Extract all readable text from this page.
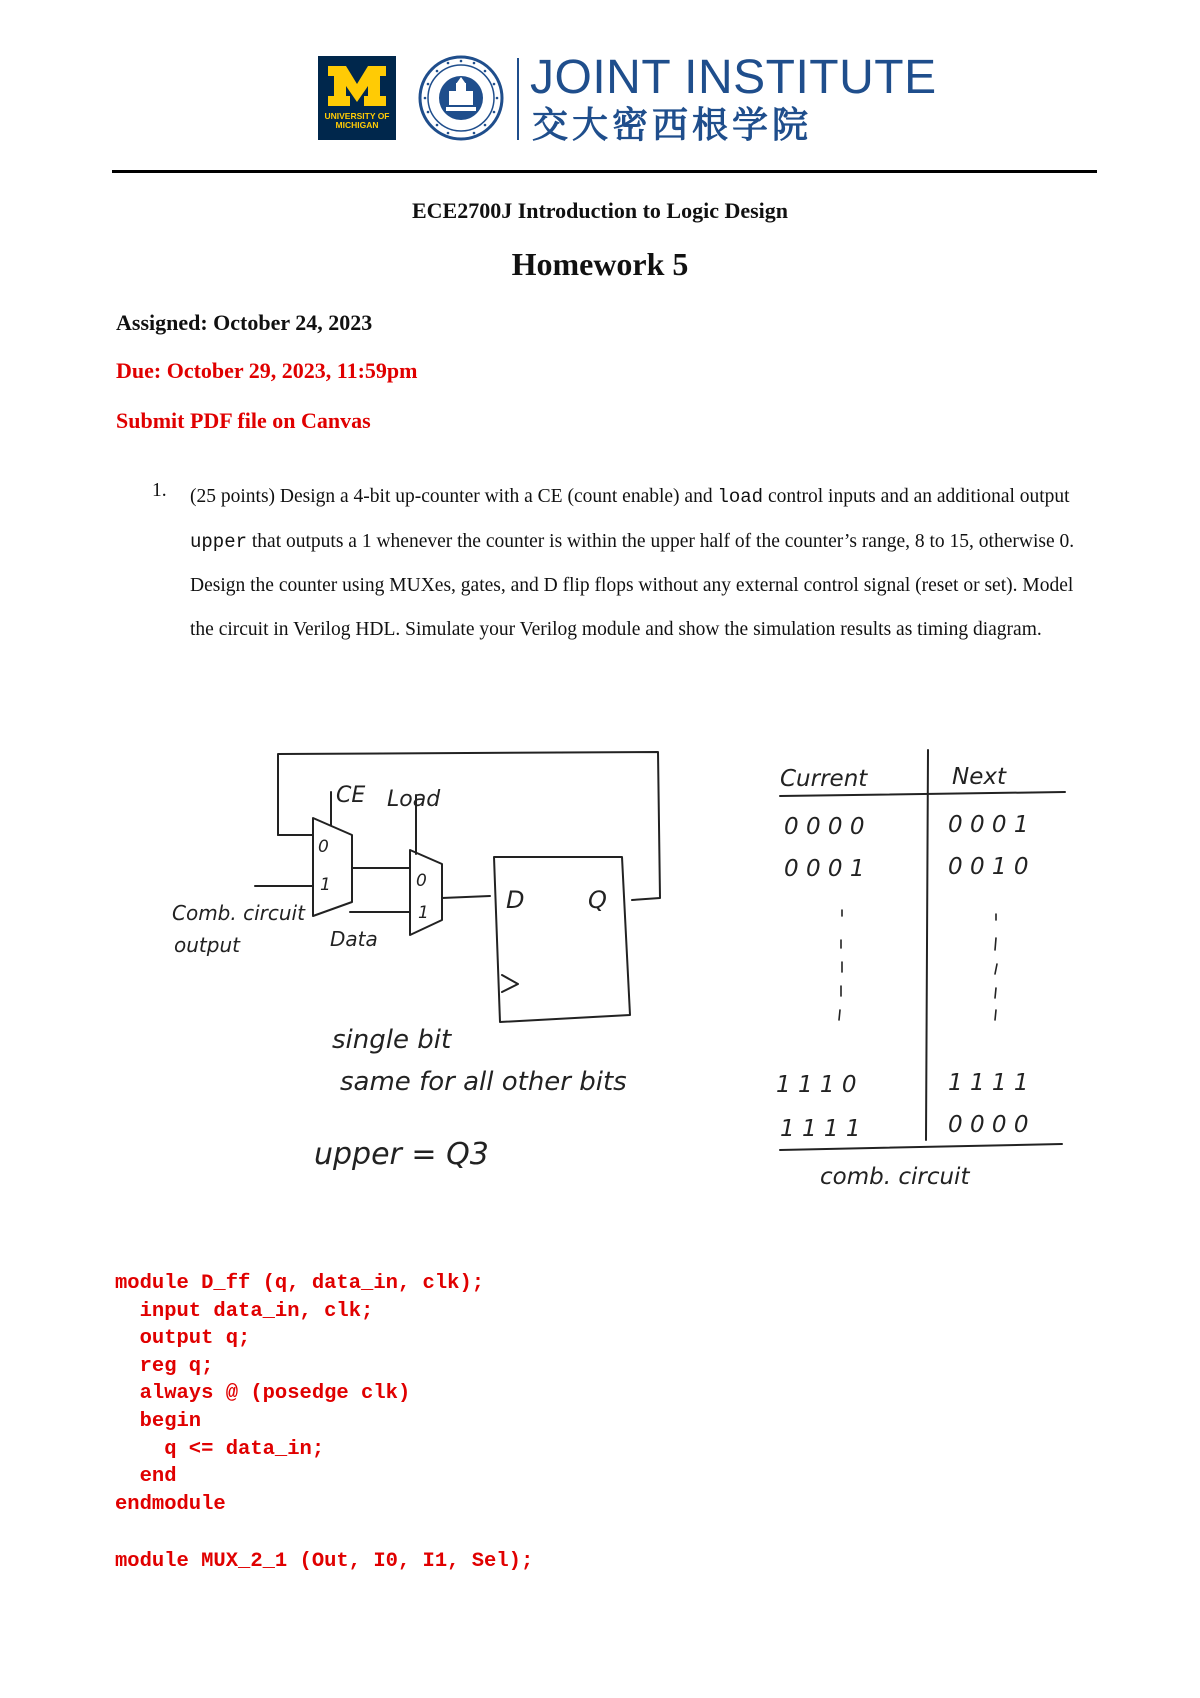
UNIVERSITY OF MICHIGAN
JOINT INSTITUTE
交大密西根学院
ECE2700J Introduction to Logic Design
Homework 5
Assigned: October 24, 2023
Due: October 29, 2023, 11:59pm
Submit PDF file on Canvas
1. (25 points) Design a 4-bit up-counter with a CE (count enable) and load control inputs and an additional output upper that outputs a 1 whenever the counter is within the upper half of the counter’s range, 8 to 15, otherwise 0. Design the counter using MUXes, gates, and D flip flops without any external control signal (reset or set). Model the circuit in Verilog HDL. Simulate your Verilog module and show the simulation results as timing diagram.
CE
0
1
Load
0
1	D	Q
Comb. circuit
output	Data
single bit
same for all other bits
upper = Q3
Current	Next
0 0 0 0	0 0 0 1
0 0 0 1	0 0 1 0
1 1 1 0	1 1 1 1
1 1 1 1	0 0 0 0
comb. circuit
module D_ff (q, data_in, clk);
input data_in, clk;
output q;
reg q;
always @ (posedge clk)
begin
q <= data_in;
end
endmodule
module MUX_2_1 (Out, I0, I1, Sel);
